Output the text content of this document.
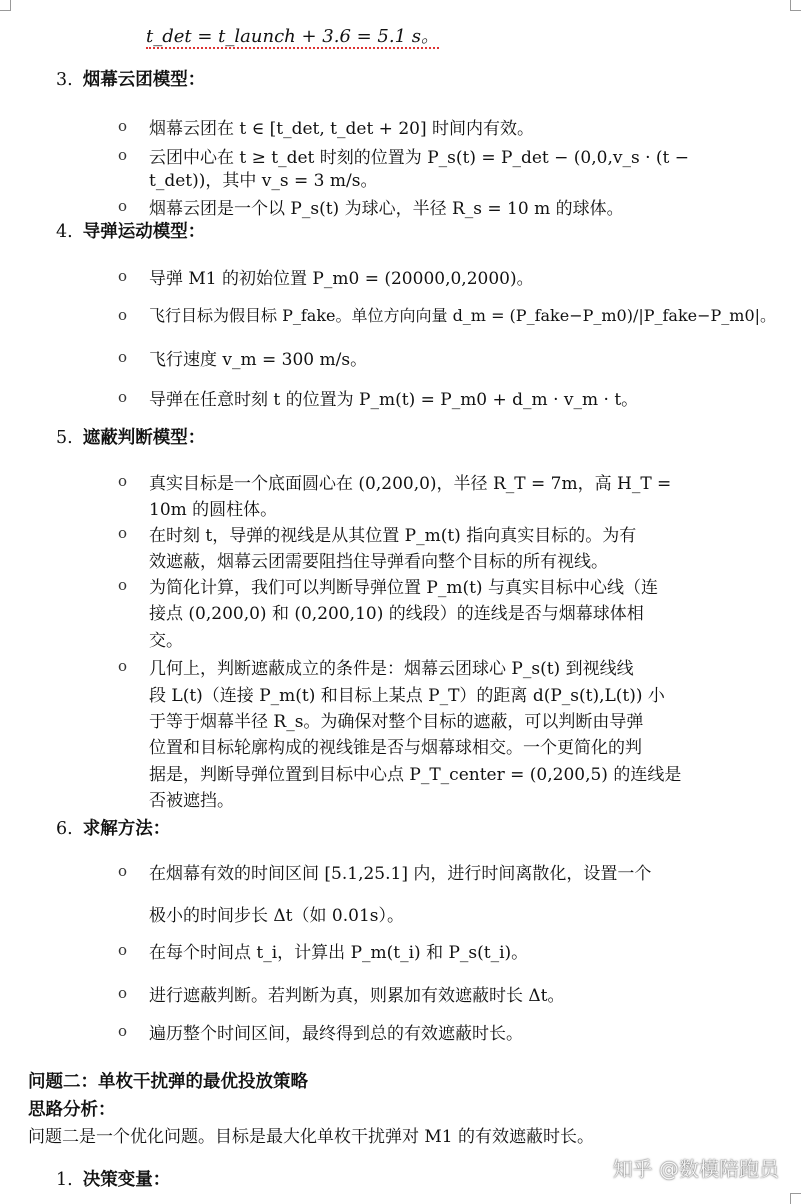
t_det = t_launch + 3.6 = 5.1 s。
3. 烟幕云团模型：
o 烟幕云团在 t ∈ [t_det, t_det + 20] 时间内有效。
o 云团中心在 t ≥ t_det 时刻的位置为 P_s(t) = P_det − (0,0,v_s · (t −
t_det))，其中 v_s = 3 m/s。
o 烟幕云团是一个以 P_s(t) 为球心，半径 R_s = 10 m 的球体。
4. 导弹运动模型：
o 导弹 M1 的初始位置 P_m0 = (20000,0,2000)。
o 飞行目标为假目标 P_fake。单位方向向量 d_m = (P_fake−P_m0)/|P_fake−P_m0|。
o 飞行速度 v_m = 300 m/s。
o 导弹在任意时刻 t 的位置为 P_m(t) = P_m0 + d_m · v_m · t。
5. 遮蔽判断模型：
o 真实目标是一个底面圆心在 (0,200,0)，半径 R_T = 7m，高 H_T =
10m 的圆柱体。
o 在时刻 t，导弹的视线是从其位置 P_m(t) 指向真实目标的。为有
效遮蔽，烟幕云团需要阻挡住导弹看向整个目标的所有视线。
o 为简化计算，我们可以判断导弹位置 P_m(t) 与真实目标中心线（连
接点 (0,200,0) 和 (0,200,10) 的线段）的连线是否与烟幕球体相
交。
o 几何上，判断遮蔽成立的条件是：烟幕云团球心 P_s(t) 到视线线
段 L(t)（连接 P_m(t) 和目标上某点 P_T）的距离 d(P_s(t),L(t)) 小
于等于烟幕半径 R_s。为确保对整个目标的遮蔽，可以判断由导弹
位置和目标轮廓构成的视线锥是否与烟幕球相交。一个更简化的判
据是，判断导弹位置到目标中心点 P_T_center = (0,200,5) 的连线是
否被遮挡。
6. 求解方法：
o 在烟幕有效的时间区间 [5.1,25.1] 内，进行时间离散化，设置一个
极小的时间步长 Δt（如 0.01s）。
o 在每个时间点 t_i，计算出 P_m(t_i) 和 P_s(t_i)。
o 进行遮蔽判断。若判断为真，则累加有效遮蔽时长 Δt。
o 遍历整个时间区间，最终得到总的有效遮蔽时长。
问题二：单枚干扰弹的最优投放策略
思路分析：
问题二是一个优化问题。目标是最大化单枚干扰弹对 M1 的有效遮蔽时长。
1. 决策变量：	知乎 @数模陪跑员
